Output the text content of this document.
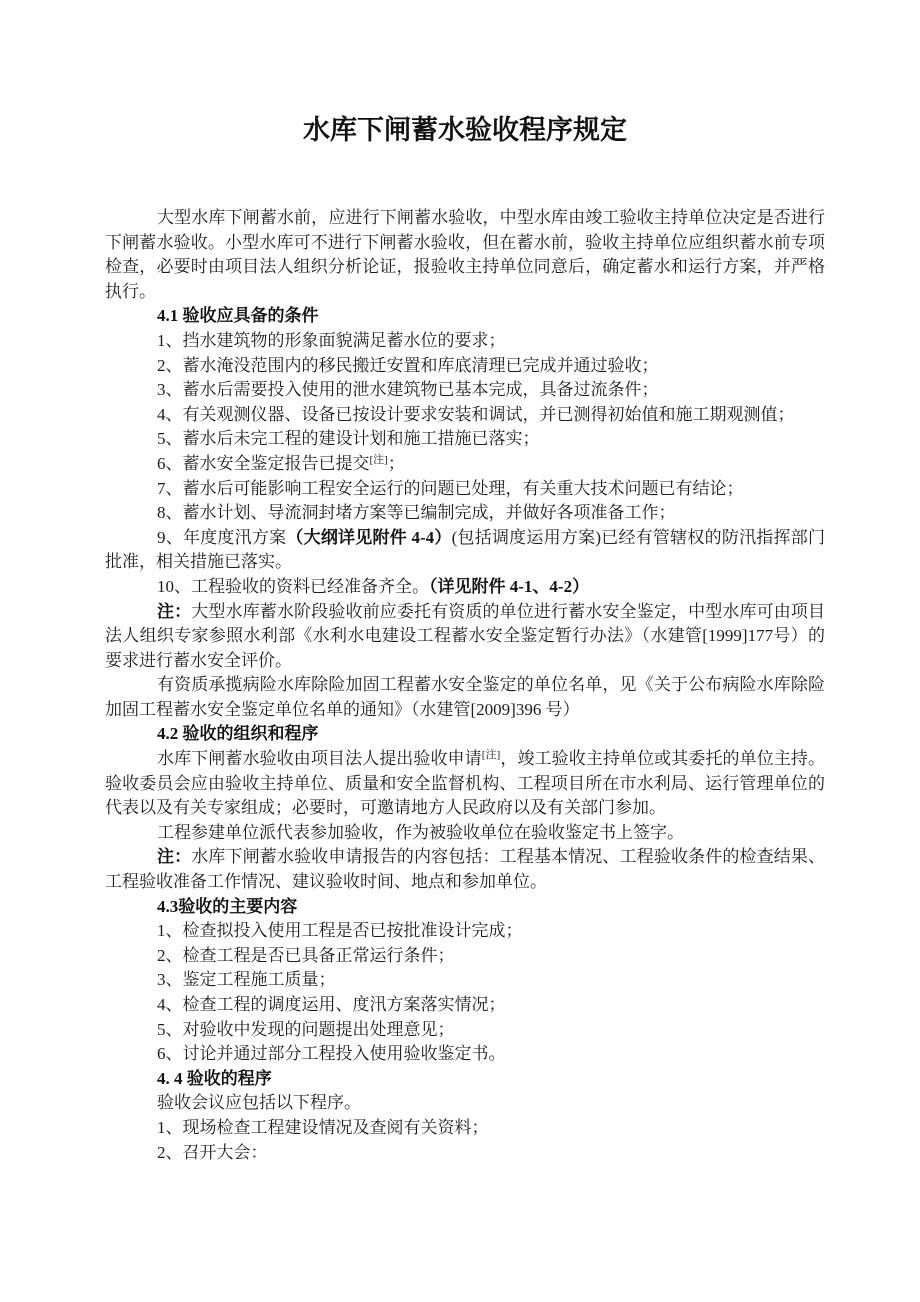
水库下闸蓄水验收程序规定

大型水库下闸蓄水前，应进行下闸蓄水验收，中型水库由竣工验收主持单位决定是否进行下闸蓄水验收。小型水库可不进行下闸蓄水验收，但在蓄水前，验收主持单位应组织蓄水前专项检查，必要时由项目法人组织分析论证，报验收主持单位同意后，确定蓄水和运行方案，并严格执行。

4.1 验收应具备的条件

1、挡水建筑物的形象面貌满足蓄水位的要求；

2、蓄水淹没范围内的移民搬迁安置和库底清理已完成并通过验收；

3、蓄水后需要投入使用的泄水建筑物已基本完成，具备过流条件；

4、有关观测仪器、设备已按设计要求安装和调试，并已测得初始值和施工期观测值；

5、蓄水后未完工程的建设计划和施工措施已落实；

6、蓄水安全鉴定报告已提交[注]；

7、蓄水后可能影响工程安全运行的问题已处理，有关重大技术问题已有结论；

8、蓄水计划、导流洞封堵方案等已编制完成，并做好各项准备工作；

9、年度度汛方案（大纲详见附件 4-4）(包括调度运用方案)已经有管辖权的防汛指挥部门批准，相关措施已落实。

10、工程验收的资料已经准备齐全。（详见附件 4-1、4-2）

注：大型水库蓄水阶段验收前应委托有资质的单位进行蓄水安全鉴定，中型水库可由项目法人组织专家参照水利部《水利水电建设工程蓄水安全鉴定暂行办法》（水建管[1999]177号）的要求进行蓄水安全评价。

有资质承揽病险水库除险加固工程蓄水安全鉴定的单位名单，见《关于公布病险水库除险加固工程蓄水安全鉴定单位名单的通知》（水建管[2009]396 号）

4.2 验收的组织和程序

水库下闸蓄水验收由项目法人提出验收申请[注]，竣工验收主持单位或其委托的单位主持。验收委员会应由验收主持单位、质量和安全监督机构、工程项目所在市水利局、运行管理单位的代表以及有关专家组成；必要时，可邀请地方人民政府以及有关部门参加。

工程参建单位派代表参加验收，作为被验收单位在验收鉴定书上签字。

注：水库下闸蓄水验收申请报告的内容包括：工程基本情况、工程验收条件的检查结果、工程验收准备工作情况、建议验收时间、地点和参加单位。

4.3验收的主要内容

1、检查拟投入使用工程是否已按批准设计完成；

2、检查工程是否已具备正常运行条件；

3、鉴定工程施工质量；

4、检查工程的调度运用、度汛方案落实情况；

5、对验收中发现的问题提出处理意见；

6、讨论并通过部分工程投入使用验收鉴定书。

4. 4 验收的程序

验收会议应包括以下程序。

1、现场检查工程建设情况及查阅有关资料；

2、召开大会：
